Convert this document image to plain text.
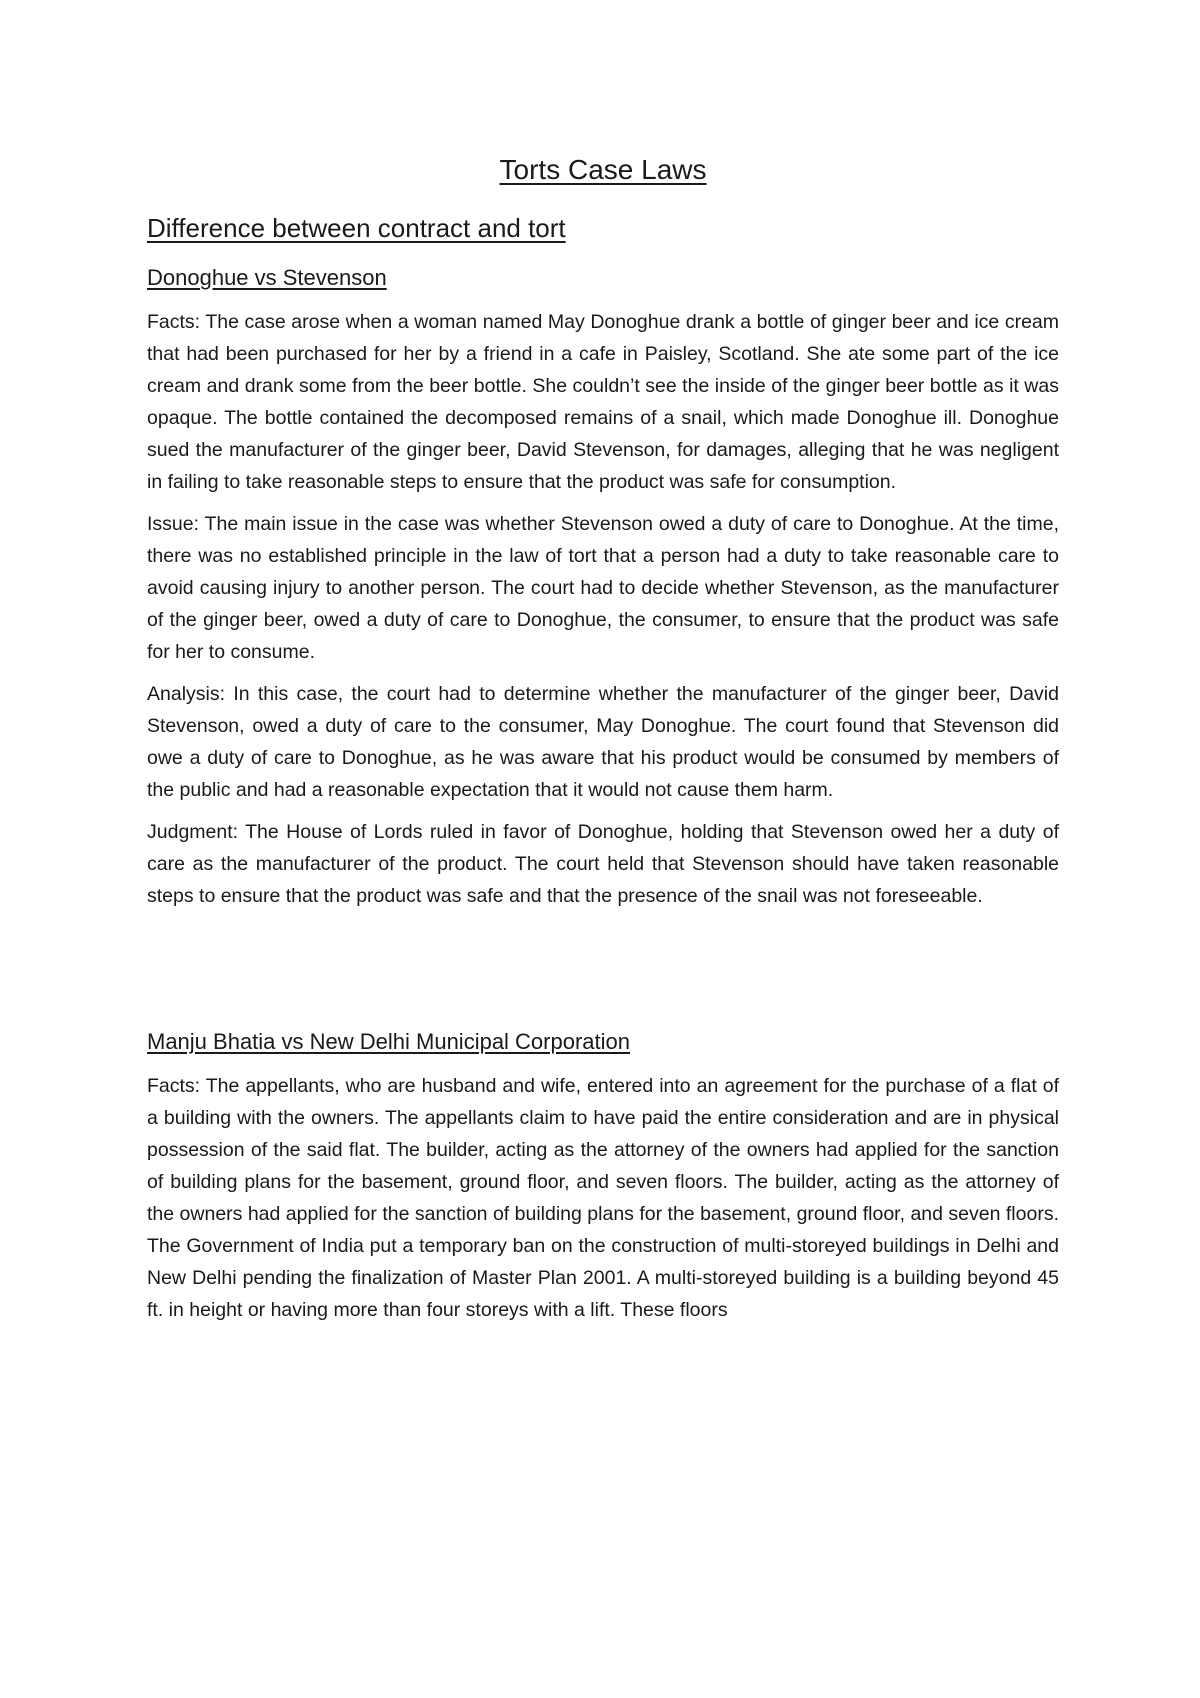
Torts Case Laws
Difference between contract and tort
Donoghue vs Stevenson

Facts: The case arose when a woman named May Donoghue drank a bottle of ginger beer and ice cream that had been purchased for her by a friend in a cafe in Paisley, Scotland. She ate some part of the ice cream and drank some from the beer bottle. She couldn’t see the inside of the ginger beer bottle as it was opaque. The bottle contained the decomposed remains of a snail, which made Donoghue ill. Donoghue sued the manufacturer of the ginger beer, David Stevenson, for damages, alleging that he was negligent in failing to take reasonable steps to ensure that the product was safe for consumption.

Issue: The main issue in the case was whether Stevenson owed a duty of care to Donoghue. At the time, there was no established principle in the law of tort that a person had a duty to take reasonable care to avoid causing injury to another person. The court had to decide whether Stevenson, as the manufacturer of the ginger beer, owed a duty of care to Donoghue, the consumer, to ensure that the product was safe for her to consume.

Analysis: In this case, the court had to determine whether the manufacturer of the ginger beer, David Stevenson, owed a duty of care to the consumer, May Donoghue. The court found that Stevenson did owe a duty of care to Donoghue, as he was aware that his product would be consumed by members of the public and had a reasonable expectation that it would not cause them harm.

Judgment: The House of Lords ruled in favor of Donoghue, holding that Stevenson owed her a duty of care as the manufacturer of the product. The court held that Stevenson should have taken reasonable steps to ensure that the product was safe and that the presence of the snail was not foreseeable.

Manju Bhatia vs New Delhi Municipal Corporation

Facts: The appellants, who are husband and wife, entered into an agreement for the purchase of a flat of a building with the owners. The appellants claim to have paid the entire consideration and are in physical possession of the said flat. The builder, acting as the attorney of the owners had applied for the sanction of building plans for the basement, ground floor, and seven floors. The builder, acting as the attorney of the owners had applied for the sanction of building plans for the basement, ground floor, and seven floors. The Government of India put a temporary ban on the construction of multi-storeyed buildings in Delhi and New Delhi pending the finalization of Master Plan 2001. A multi-storeyed building is a building beyond 45 ft. in height or having more than four storeys with a lift. These floors
